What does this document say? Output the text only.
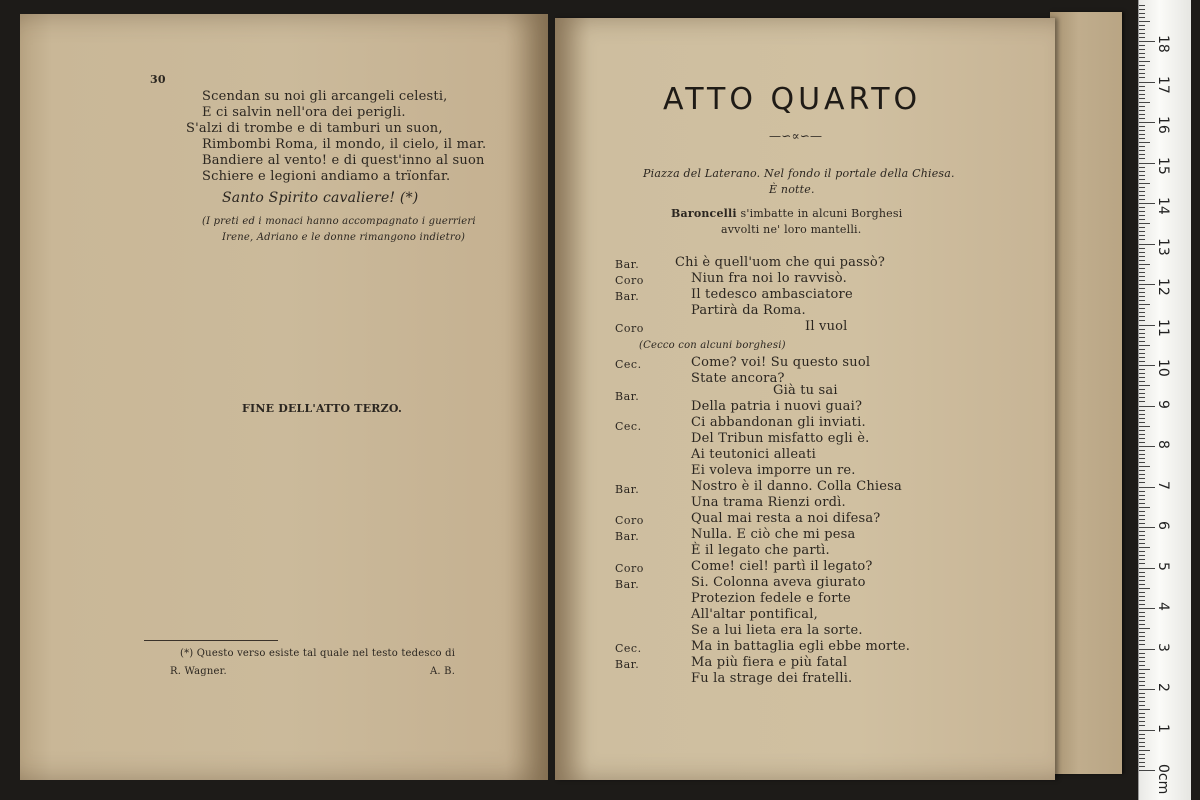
30
Scendan su noi gli arcangeli celesti,
E ci salvin nell'ora dei perigli.
S'alzi di trombe e di tamburi un suon,
Rimbombi Roma, il mondo, il cielo, il mar.
Bandiere al vento! e di quest'inno al suon
Schiere e legioni andiamo a trïonfar.
Santo Spirito cavaliere! (*)
(I preti ed i monaci hanno accompagnato i guerrieri
Irene, Adriano e le donne rimangono indietro)
FINE DELL'ATTO TERZO.
(*) Questo verso esiste tal quale nel testo tedesco di
R. Wagner.	A. B.
ATTO QUARTO
—∽∝∽—
Piazza del Laterano. Nel fondo il portale della Chiesa.
È notte.
Baroncelli s'imbatte in alcuni Borghesi
avvolti ne' loro mantelli.
Bar.	Chi è quell'uom che qui passò?
Coro	Niun fra noi lo ravvisò.
Bar.	Il tedesco ambasciatore
Partirà da Roma.
Coro	Il vuol
(Cecco con alcuni borghesi)
Cec.	Come? voi! Su questo suol
State ancora?
Bar.	Già tu sai
Della patria i nuovi guai?
Cec.	Ci abbandonan gli inviati.
Del Tribun misfatto egli è.
Ai teutonici alleati
Ei voleva imporre un re.
Bar.	Nostro è il danno. Colla Chiesa
Una trama Rienzi ordì.
Coro	Qual mai resta a noi difesa?
Bar.	Nulla. E ciò che mi pesa
È il legato che partì.
Coro	Come! ciel! partì il legato?
Bar.	Si. Colonna aveva giurato
Protezion fedele e forte
All'altar pontifical,
Se a lui lieta era la sorte.
Cec.	Ma in battaglia egli ebbe morte.
Bar.	Ma più fiera e più fatal
Fu la strage dei fratelli.
0cm
1
2
3
4
5
6
7
8
9
10
11
12
13
14
15
16
17
18
